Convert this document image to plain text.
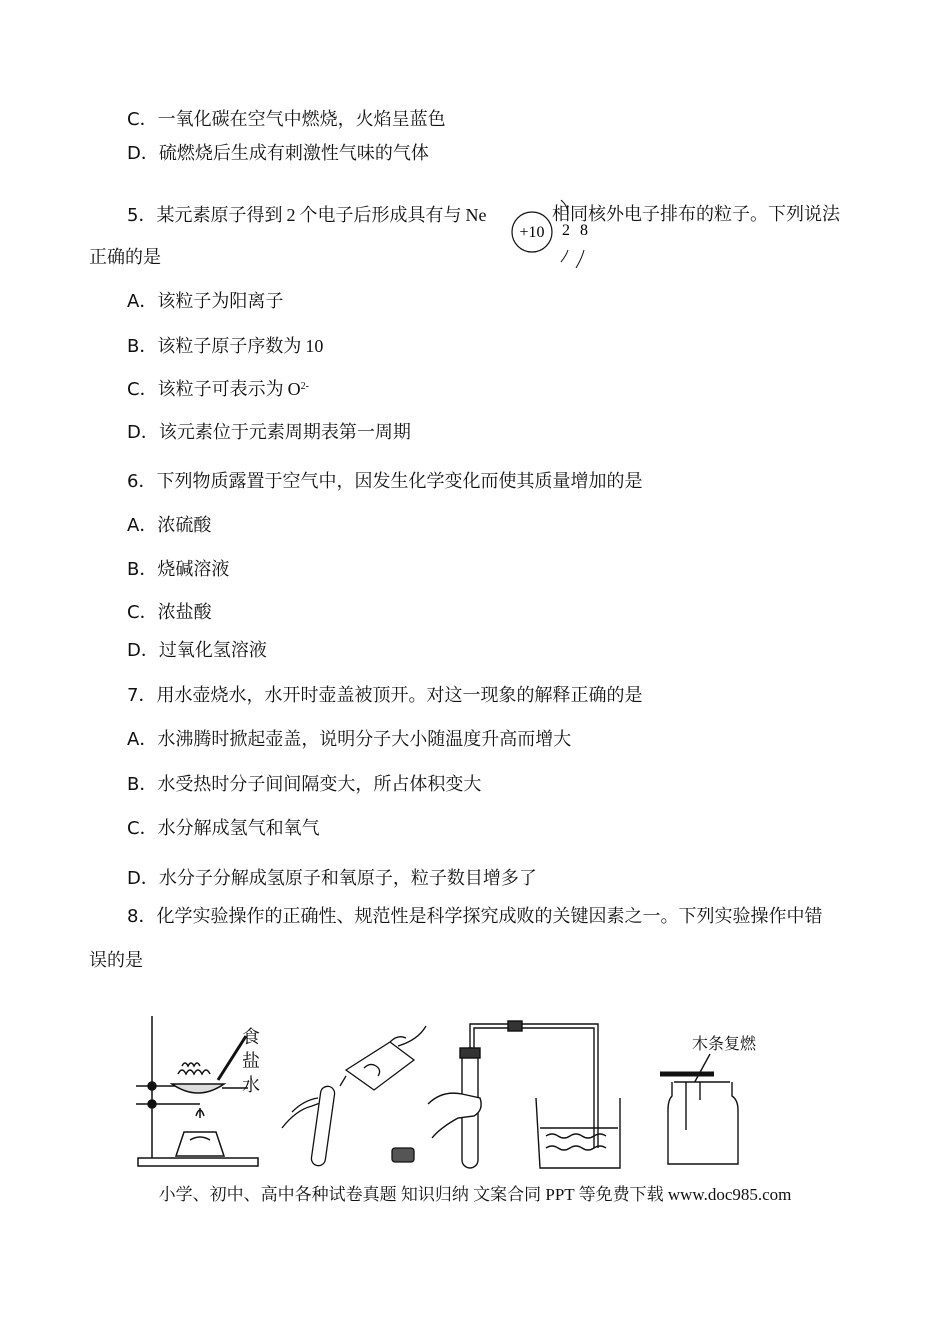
C．一氧化碳在空气中燃烧，火焰呈蓝色
D．硫燃烧后生成有刺激性气味的气体
5．某元素原子得到 2 个电子后形成具有与 Ne
+10 2 8
相同核外电子排布的粒子。下列说法
正确的是
A．该粒子为阳离子
B．该粒子原子序数为 10
C．该粒子可表示为 $O^{2-}$
D．该元素位于元素周期表第一周期
6．下列物质露置于空气中，因发生化学变化而使其质量增加的是
A．浓硫酸
B．烧碱溶液
C．浓盐酸
D．过氧化氢溶液
7．用水壶烧水，水开时壶盖被顶开。对这一现象的解释正确的是
A．水沸腾时掀起壶盖，说明分子大小随温度升高而增大
B．水受热时分子间间隔变大，所占体积变大
C．水分解成氢气和氧气
D．水分子分解成氢原子和氧原子，粒子数目增多了
8．化学实验操作的正确性、规范性是科学探究成败的关键因素之一。下列实验操作中错
误的是
食
盐
水
木条复燃
小学、初中、高中各种试卷真题 知识归纳 文案合同 PPT 等免费下载 www.doc985.com
